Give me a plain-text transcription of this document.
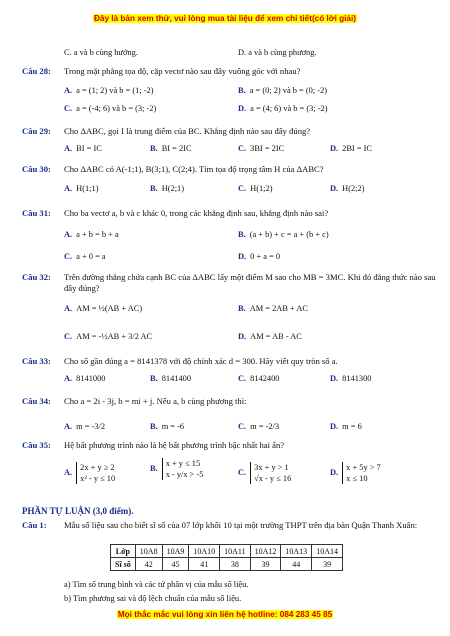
Đây là bản xem thử, vui lòng mua tài liệu để xem chi tiết(có lời giải)
C. a và b cùng hướng.	D. a và b cùng phương.
Câu 28: Trong mặt phẳng tọa độ, cặp vectơ nào sau đây vuông góc với nhau?
A. a = (1; 2) và b = (1; -2)	B. a = (0; 2) và b = (0; -2)
C. a = (-4; 6) và b = (3; -2)	D. a = (4; 6) và b = (3; -2)
Câu 29: Cho ΔABC, gọi I là trung điểm của BC. Khẳng định nào sau đây đúng?
A. BI = IC	B. BI = 2IC	C. 3BI = 2IC	D. 2BI = IC
Câu 30: Cho ΔABC có A(-1;1), B(3;1), C(2;4). Tìm tọa độ trọng tâm H của ΔABC?
A. H(1;1)	B. H(2;1)	C. H(1;2)	D. H(2;2)
Câu 31: Cho ba vectơ a, b và c khác 0, trong các khẳng định sau, khẳng định nào sai?
A. a + b = b + a	B. (a + b) + c = a + (b + c)
C. a + 0 = a	D. 0 + a = 0
Câu 32: Trên đường thẳng chứa cạnh BC của ΔABC lấy một điểm M sao cho MB = 3MC. Khi đó đẳng thức nào sau đây đúng?
A. AM = ½(AB + AC)	B. AM = 2AB + AC
C. AM = -½AB + 3/2 AC	D. AM = AB - AC
Câu 33: Cho số gần đúng a = 8141378 với độ chính xác d = 300. Hãy viết quy tròn số a.
A. 8141000	B. 8141400	C. 8142400	D. 8141300
Câu 34: Cho a = 2i - 3j, b = mi + j. Nếu a, b cùng phương thì:
A. m = -3/2	B. m = -6	C. m = -2/3	D. m = 6
Câu 35: Hệ bất phương trình nào là hệ bất phương trình bậc nhất hai ẩn?
A.2x + y ≥ 2
x² - y ≤ 10
B.x + y ≤ 15
x - y/x > -5	C.3x + y > 1
√x - y ≤ 16
D.x + 5y > 7
x ≤ 10
PHẦN TỰ LUẬN (3,0 điểm).
Câu 1: Mẫu số liệu sau cho biết sĩ số của 07 lớp khối 10 tại một trường THPT trên địa bàn Quận Thanh Xuân:
Lớp	10A8	10A9	10A10	10A11	10A12	10A13	10A14
Sĩ số	42	45	41	38	39	44	39
a) Tìm số trung bình và các tứ phân vị của mẫu số liệu.
b) Tìm phương sai và độ lệch chuẩn của mẫu số liệu.
Mọi thắc mắc vui lòng xin liên hệ hotline: 084 283 45 85
